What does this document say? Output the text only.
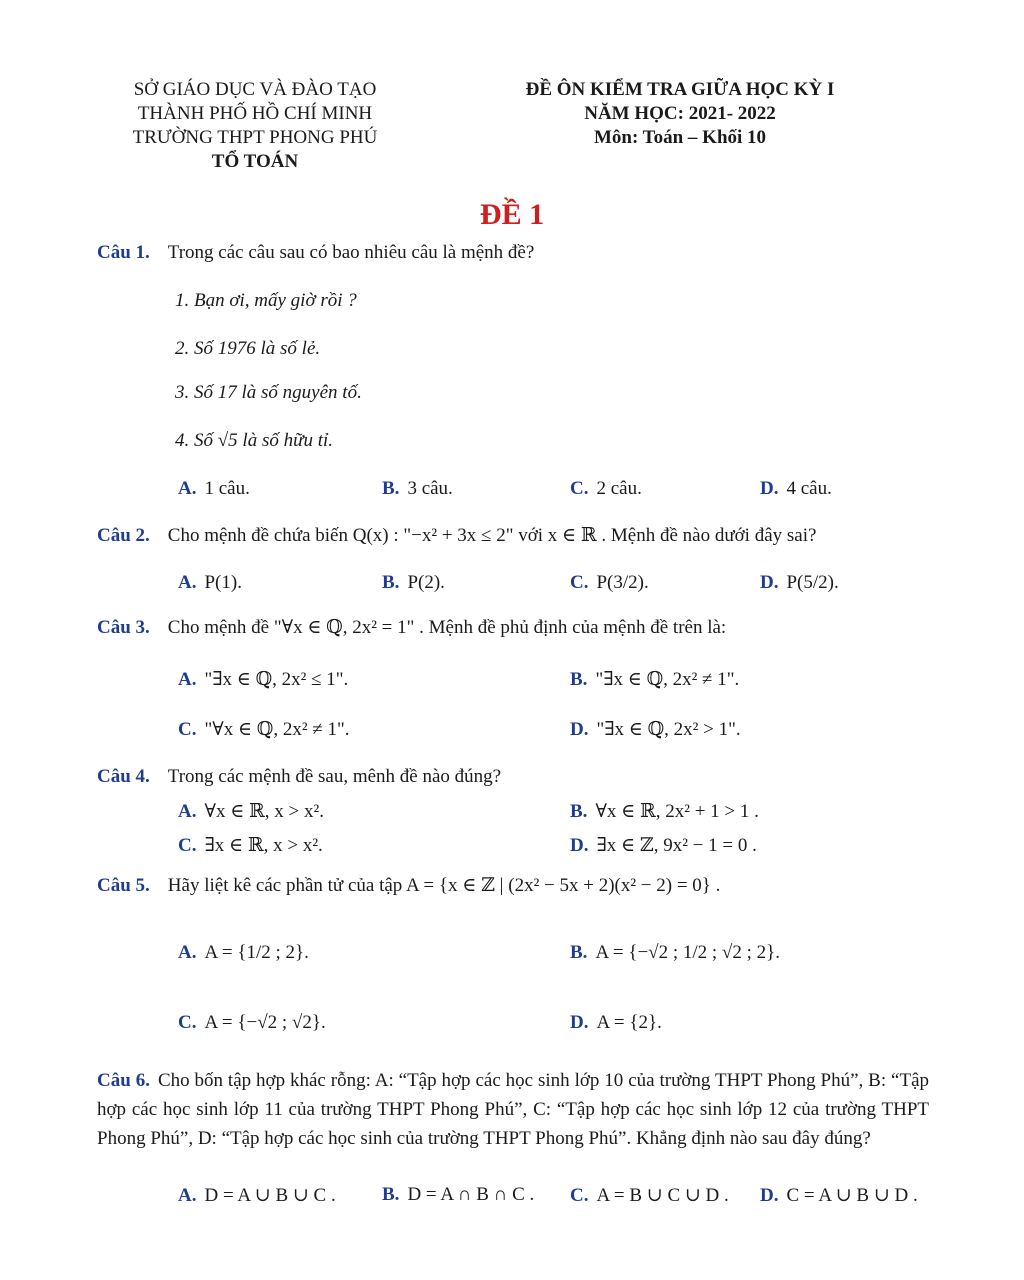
SỞ GIÁO DỤC VÀ ĐÀO TẠO
THÀNH PHỐ HỒ CHÍ MINH
TRƯỜNG THPT PHONG PHÚ
TỔ TOÁN
ĐỀ ÔN KIỂM TRA GIỮA HỌC KỲ I
NĂM HỌC: 2021- 2022
Môn: Toán – Khối 10
ĐỀ 1
Câu 1. Trong các câu sau có bao nhiêu câu là mệnh đề?
1. Bạn ơi, mấy giờ rồi ?
2. Số 1976 là số lẻ.
3. Số 17 là số nguyên tố.
4. Số √5 là số hữu tỉ.
A. 1 câu.	B. 3 câu.	C. 2 câu.	D. 4 câu.
Câu 2. Cho mệnh đề chứa biến Q(x) : "−x² + 3x ≤ 2" với x ∈ ℝ . Mệnh đề nào dưới đây sai?
A. P(1).	B. P(2).	C. P(3/2).	D. P(5/2).
Câu 3. Cho mệnh đề "∀x ∈ ℚ, 2x² = 1" . Mệnh đề phủ định của mệnh đề trên là:
A. "∃x ∈ ℚ, 2x² ≤ 1".	B. "∃x ∈ ℚ, 2x² ≠ 1".
C. "∀x ∈ ℚ, 2x² ≠ 1".	D. "∃x ∈ ℚ, 2x² > 1".
Câu 4. Trong các mệnh đề sau, mênh đề nào đúng?
A. ∀x ∈ ℝ, x > x².	B. ∀x ∈ ℝ, 2x² + 1 > 1 .
C. ∃x ∈ ℝ, x > x².	D. ∃x ∈ ℤ, 9x² − 1 = 0 .
Câu 5. Hãy liệt kê các phần tử của tập A = {x ∈ ℤ | (2x² − 5x + 2)(x² − 2) = 0} .
A. A = {1/2 ; 2}.	B. A = {−√2 ; 1/2 ; √2 ; 2}.
C. A = {−√2 ; √2}.	D. A = {2}.
Câu 6. Cho bốn tập hợp khác rỗng: A: “Tập hợp các học sinh lớp 10 của trường THPT Phong Phú”, B: “Tập hợp các học sinh lớp 11 của trường THPT Phong Phú”, C: “Tập hợp các học sinh lớp 12 của trường THPT Phong Phú”, D: “Tập hợp các học sinh của trường THPT Phong Phú”. Khẳng định nào sau đây đúng?
A. D = A ∪ B ∪ C . B. D = A ∩ B ∩ C . C. A = B ∪ C ∪ D . D. C = A ∪ B ∪ D .
